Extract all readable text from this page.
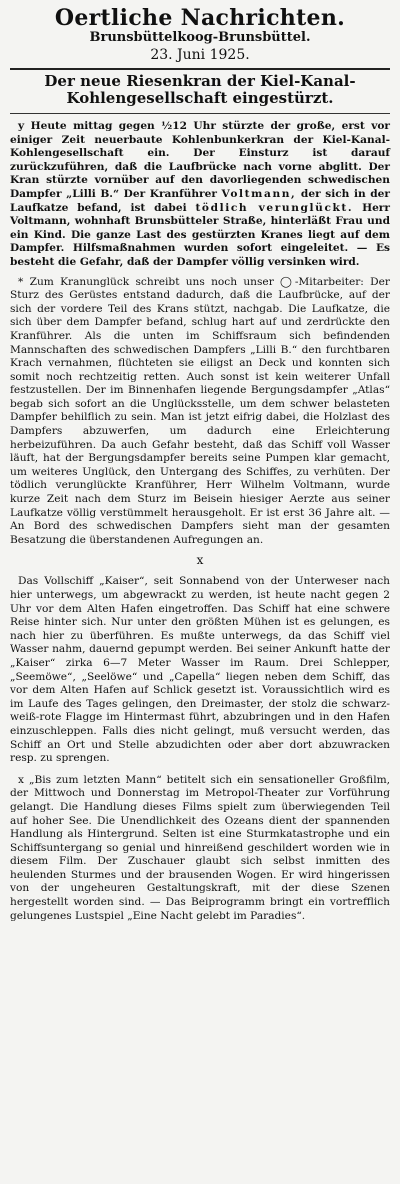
Oertliche Nachrichten.
Brunsbüttelkoog-Brunsbüttel.
23. Juni 1925.
Der neue Riesenkran der Kiel-Kanal-
Kohlengesellschaft eingestürzt.

y Heute mittag gegen ½12 Uhr stürzte der große, erst vor einiger Zeit neuerbaute Kohlenbunkerkran der Kiel-Kanal-Kohlengesellschaft ein. Der Einsturz ist darauf zurückzuführen, daß die Laufbrücke nach vorne abglitt. Der Kran stürzte vornüber auf den davorliegenden schwedischen Dampfer „Lilli B.“ Der Kranführer Voltmann, der sich in der Laufkatze befand, ist dabei tödlich verunglückt. Herr Voltmann, wohnhaft Brunsbütteler Straße, hinterläßt Frau und ein Kind. Die ganze Last des gestürzten Kranes liegt auf dem Dampfer. Hilfsmaßnahmen wurden sofort eingeleitet. — Es besteht die Gefahr, daß der Dampfer völlig versinken wird.

* Zum Kranunglück schreibt uns noch unser ◯-Mitarbeiter: Der Sturz des Gerüstes entstand dadurch, daß die Laufbrücke, auf der sich der vordere Teil des Krans stützt, nachgab. Die Laufkatze, die sich über dem Dampfer befand, schlug hart auf und zerdrückte den Kranführer. Als die unten im Schiffsraum sich befindenden Mannschaften des schwedischen Dampfers „Lilli B.“ den furchtbaren Krach vernahmen, flüchteten sie eiligst an Deck und konnten sich somit noch rechtzeitig retten. Auch sonst ist kein weiterer Unfall festzustellen. Der im Binnenhafen liegende Bergungsdampfer „Atlas“ begab sich sofort an die Unglücksstelle, um dem schwer belasteten Dampfer behilflich zu sein. Man ist jetzt eifrig dabei, die Holzlast des Dampfers abzuwerfen, um dadurch eine Erleichterung herbeizuführen. Da auch Gefahr besteht, daß das Schiff voll Wasser läuft, hat der Bergungsdampfer bereits seine Pumpen klar gemacht, um weiteres Unglück, den Untergang des Schiffes, zu verhüten. Der tödlich verunglückte Kranführer, Herr Wilhelm Voltmann, wurde kurze Zeit nach dem Sturz im Beisein hiesiger Aerzte aus seiner Laufkatze völlig verstümmelt herausgeholt. Er ist erst 36 Jahre alt. — An Bord des schwedischen Dampfers sieht man der gesamten Besatzung die überstandenen Aufregungen an.

x

Das Vollschiff „Kaiser“, seit Sonnabend von der Unterweser nach hier unterwegs, um abgewrackt zu werden, ist heute nacht gegen 2 Uhr vor dem Alten Hafen eingetroffen. Das Schiff hat eine schwere Reise hinter sich. Nur unter den größten Mühen ist es gelungen, es nach hier zu überführen. Es mußte unterwegs, da das Schiff viel Wasser nahm, dauernd gepumpt werden. Bei seiner Ankunft hatte der „Kaiser“ zirka 6—7 Meter Wasser im Raum. Drei Schlepper, „Seemöwe“, „Seelöwe“ und „Capella“ liegen neben dem Schiff, das vor dem Alten Hafen auf Schlick gesetzt ist. Voraussichtlich wird es im Laufe des Tages gelingen, den Dreimaster, der stolz die schwarz-weiß-rote Flagge im Hintermast führt, abzubringen und in den Hafen einzuschleppen. Falls dies nicht gelingt, muß versucht werden, das Schiff an Ort und Stelle abzudichten oder aber dort abzuwracken resp. zu sprengen.

x „Bis zum letzten Mann“ betitelt sich ein sensationeller Großfilm, der Mittwoch und Donnerstag im Metropol-Theater zur Vorführung gelangt. Die Handlung dieses Films spielt zum überwiegenden Teil auf hoher See. Die Unendlichkeit des Ozeans dient der spannenden Handlung als Hintergrund. Selten ist eine Sturmkatastrophe und ein Schiffsuntergang so genial und hinreißend geschildert worden wie in diesem Film. Der Zuschauer glaubt sich selbst inmitten des heulenden Sturmes und der brausenden Wogen. Er wird hingerissen von der ungeheuren Gestaltungskraft, mit der diese Szenen hergestellt worden sind. — Das Beiprogramm bringt ein vortrefflich gelungenes Lustspiel „Eine Nacht gelebt im Paradies“.
